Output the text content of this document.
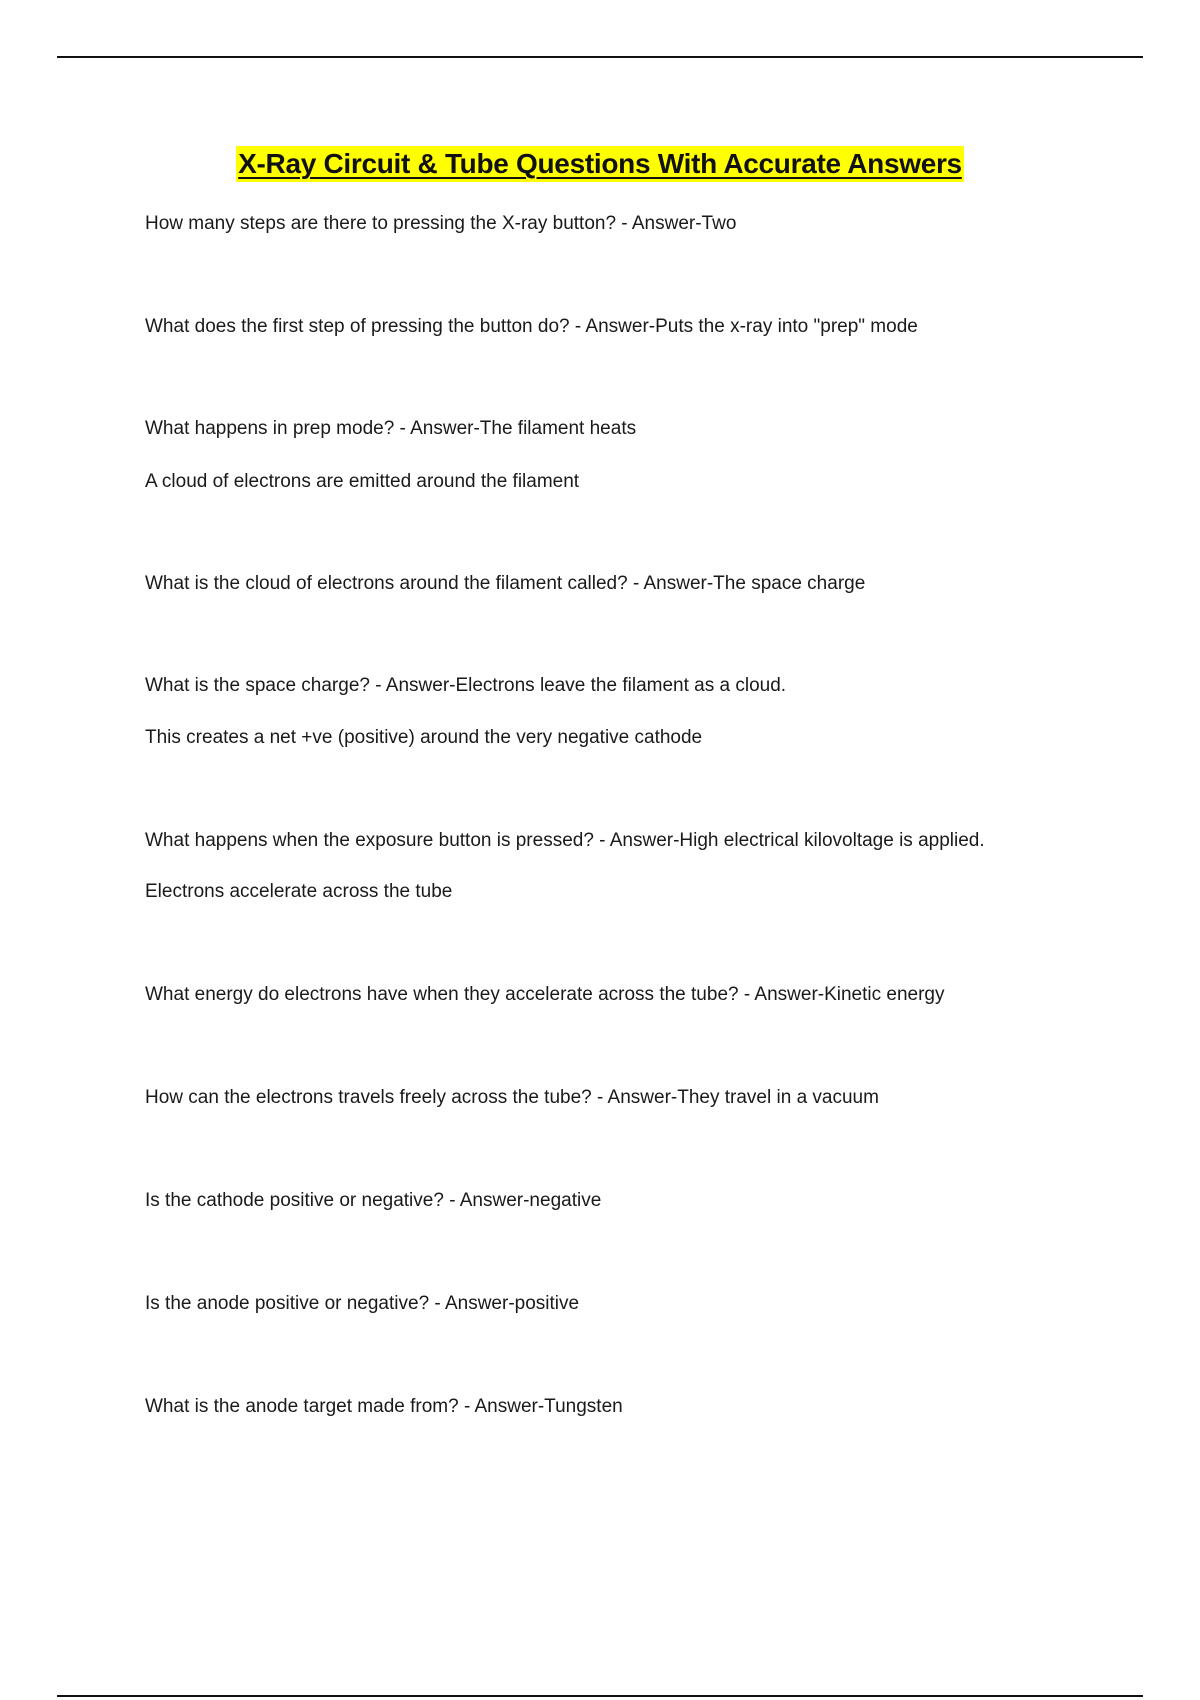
X-Ray Circuit & Tube Questions With Accurate Answers
How many steps are there to pressing the X-ray button? - Answer-Two
What does the first step of pressing the button do? - Answer-Puts the x-ray into "prep" mode
What happens in prep mode? - Answer-The filament heats
A cloud of electrons are emitted around the filament
What is the cloud of electrons around the filament called? - Answer-The space charge
What is the space charge? - Answer-Electrons leave the filament as a cloud.
This creates a net +ve (positive) around the very negative cathode
What happens when the exposure button is pressed? - Answer-High electrical kilovoltage is applied.
Electrons accelerate across the tube
What energy do electrons have when they accelerate across the tube? - Answer-Kinetic energy
How can the electrons travels freely across the tube? - Answer-They travel in a vacuum
Is the cathode positive or negative? - Answer-negative
Is the anode positive or negative? - Answer-positive
What is the anode target made from? - Answer-Tungsten
